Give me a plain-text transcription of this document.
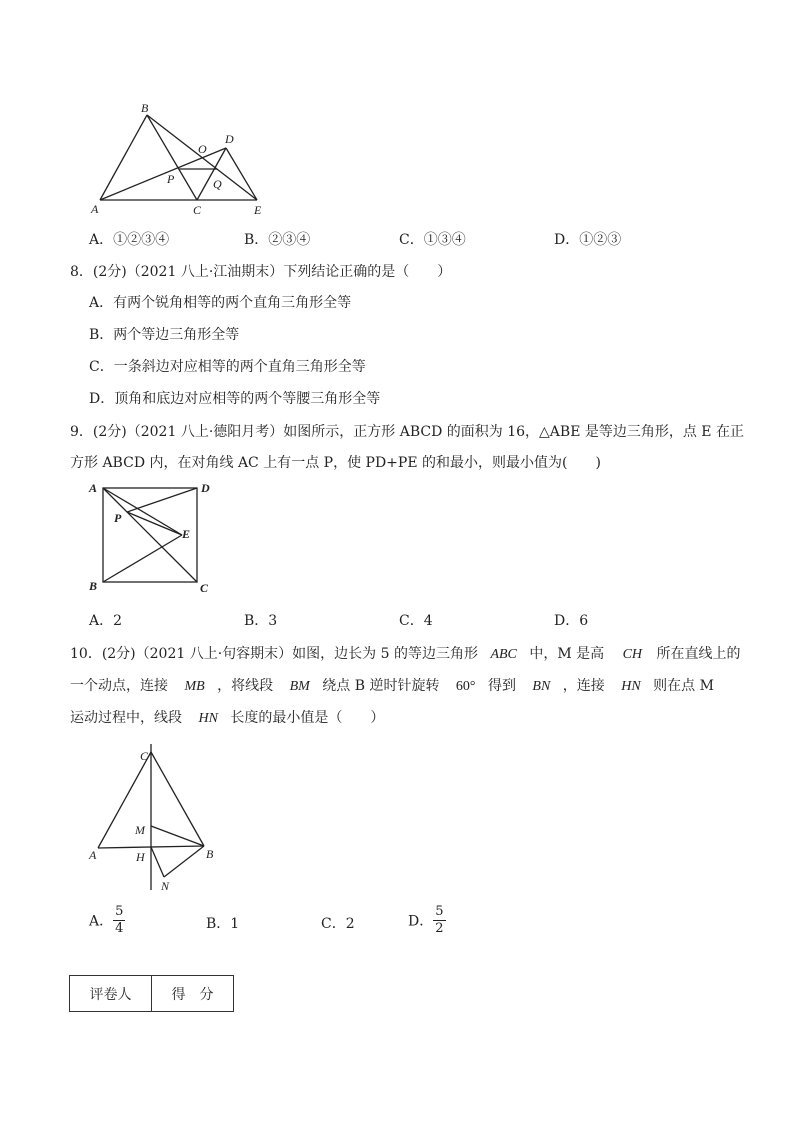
B
D
O
P	Q
A	C	E
A．①②③④	B．②③④	C．①③④	D．①②③
8．(2分)（2021 八上·江油期末）下列结论正确的是（　　）
A．有两个锐角相等的两个直角三角形全等
B．两个等边三角形全等
C．一条斜边对应相等的两个直角三角形全等
D．顶角和底边对应相等的两个等腰三角形全等
9．(2分)（2021 八上·德阳月考）如图所示，正方形 ABCD 的面积为 16，△ABE 是等边三角形，点 E 在正
方形 ABCD 内，在对角线 AC 上有一点 P，使 PD+PE 的和最小，则最小值为(　　)
A	D
P
E
B	C
A．2	B．3	C．4	D．6
10．(2分)（2021 八上·句容期末）如图，边长为 5 的等边三角形 ABC 中，M 是高 CH 所在直线上的
一个动点，连接 MB ，将线段 BM 绕点 B 逆时针旋转 60° 得到 BN ，连接 HN 则在点 M
运动过程中，线段 HN 长度的最小值是（　　）
C
M
A	H	B
N
A． $\frac{5}{4}$	B．1	C．2	D． $\frac{5}{2}$
评卷人	得　分
